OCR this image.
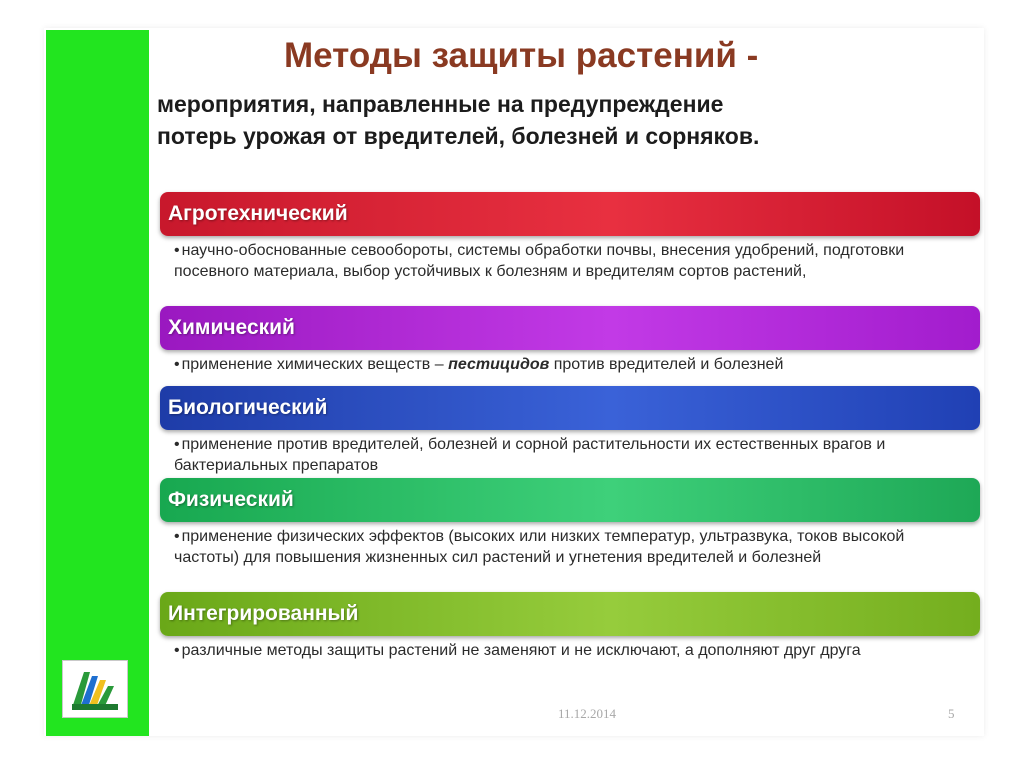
Методы защиты растений -
мероприятия, направленные на предупреждение
потерь урожая от вредителей, болезней и сорняков.
Агротехнический
• научно-обоснованные севообороты, системы обработки почвы, внесения удобрений, подготовки посевного материала, выбор устойчивых к болезням и вредителям сортов растений,
Химический
• применение химических веществ – пестицидов против вредителей и болезней
Биологический
• применение против вредителей, болезней и сорной растительности их естественных врагов и бактериальных препаратов
Физический
• применение физических эффектов (высоких или низких температур, ультразвука, токов высокой частоты) для повышения жизненных сил растений и угнетения вредителей и болезней
Интегрированный
• различные методы защиты растений не заменяют и не исключают, а дополняют друг друга
11.12.2014	5
